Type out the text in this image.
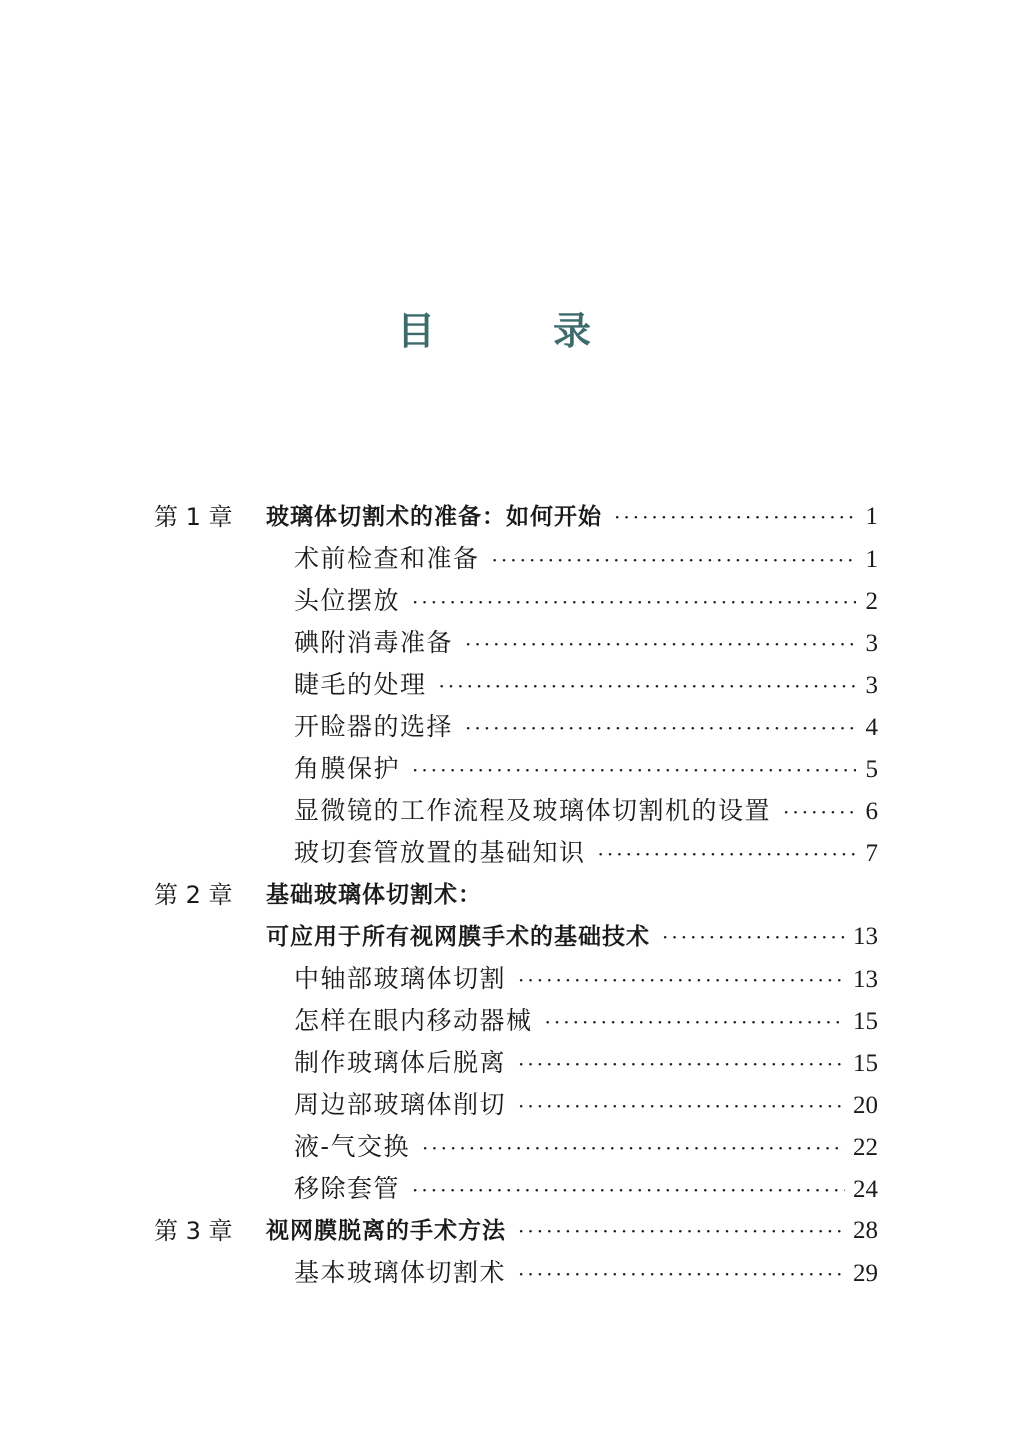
目　录
第 1 章	玻璃体切割术的准备：如何开始 ·····	1
术前检查和准备 ·····	1
头位摆放 ·····	2
碘附消毒准备 ·····	3
睫毛的处理 ·····	3
开睑器的选择 ·····	4
角膜保护 ·····	5
显微镜的工作流程及玻璃体切割机的设置 ·····	6
玻切套管放置的基础知识 ·····	7
第 2 章	基础玻璃体切割术：
可应用于所有视网膜手术的基础技术 ·····	13
中轴部玻璃体切割 ·····	13
怎样在眼内移动器械 ·····	15
制作玻璃体后脱离 ·····	15
周边部玻璃体削切 ·····	20
液-气交换 ·····	22
移除套管 ·····	24
第 3 章	视网膜脱离的手术方法 ·····	28
基本玻璃体切割术 ·····	29
